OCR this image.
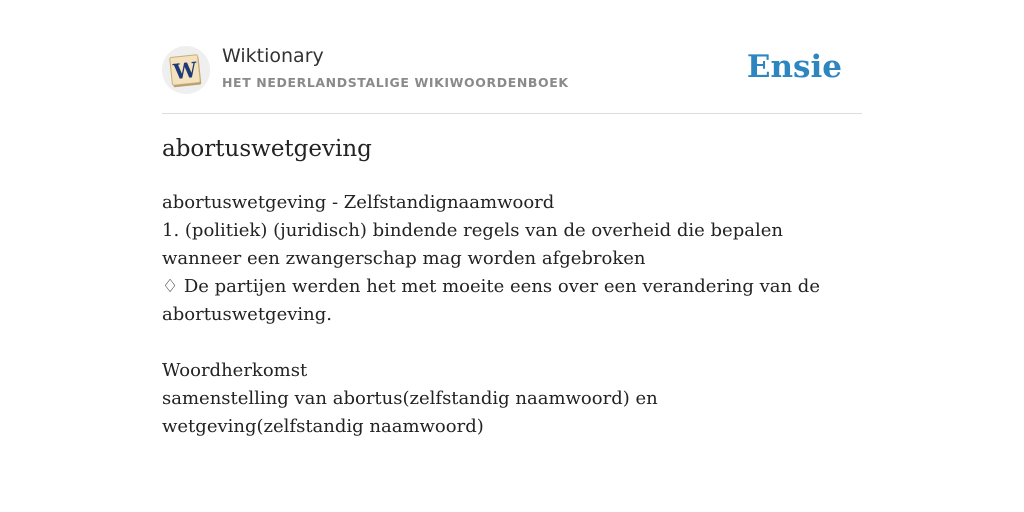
W
Wiktionary
HET NEDERLANDSTALIGE WIKIWOORDENBOEK	Ensie
abortuswetgeving
abortuswetgeving - Zelfstandignaamwoord
1. (politiek) (juridisch) bindende regels van de overheid die bepalen wanneer een zwangerschap mag worden afgebroken
♢ De partijen werden het met moeite eens over een verandering van de abortuswetgeving.
Woordherkomst
samenstelling van abortus(zelfstandig naamwoord) en wetgeving(zelfstandig naamwoord)
